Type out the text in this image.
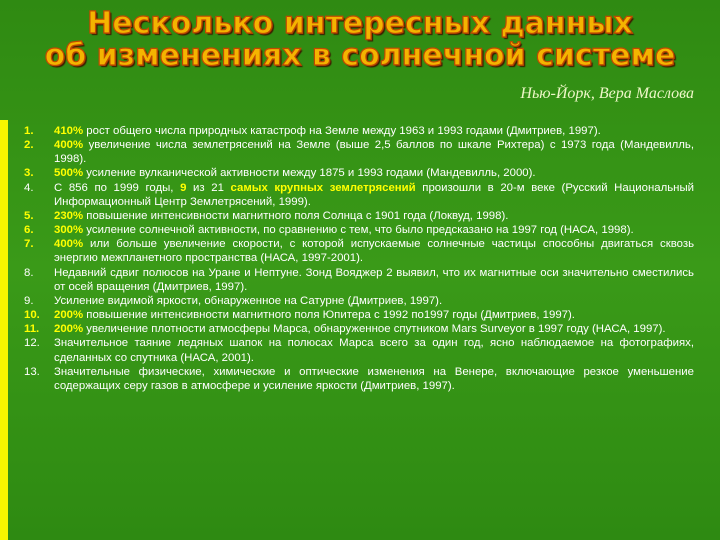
Несколько интересных данных
об изменениях в солнечной системе
Нью-Йорк, Вера Маслова
1.	410% рост общего числа природных катастроф на Земле между 1963 и 1993 годами (Дмитриев, 1997).
2.	400% увеличение числа землетрясений на Земле (выше 2,5 баллов по шкале Рихтера) с 1973 года (Мандевилль, 1998).
3.	500% усиление вулканической активности между 1875 и 1993 годами (Мандевилль, 2000).
4.	С 856 по 1999 годы, 9 из 21 самых крупных землетрясений произошли в 20-м веке (Русский Национальный Информационный Центр Землетрясений, 1999).
5.	230% повышение интенсивности магнитного поля Солнца с 1901 года (Локвуд, 1998).
6.	300% усиление солнечной активности, по сравнению с тем, что было предсказано на 1997 год (НАСА, 1998).
7.	400% или больше увеличение скорости, с которой испускаемые солнечные частицы способны двигаться сквозь энергию межпланетного пространства (НАСА, 1997-2001).
8.	Недавний сдвиг полюсов на Уране и Нептуне. Зонд Вояджер 2 выявил, что их магнитные оси значительно сместились от осей вращения (Дмитриев, 1997).
9.	Усиление видимой яркости, обнаруженное на Сатурне (Дмитриев, 1997).
10.	200% повышение интенсивности магнитного поля Юпитера с 1992 по1997 годы (Дмитриев, 1997).
11.	200% увеличение плотности атмосферы Марса, обнаруженное спутником Mars Surveyor в 1997 году (НАСА, 1997).
12.	Значительное таяние ледяных шапок на полюсах Марса всего за один год, ясно наблюдаемое на фотографиях, сделанных со спутника (НАСА, 2001).
13.	Значительные физические, химические и оптические изменения на Венере, включающие резкое уменьшение содержащих серу газов в атмосфере и усиление яркости (Дмитриев, 1997).
